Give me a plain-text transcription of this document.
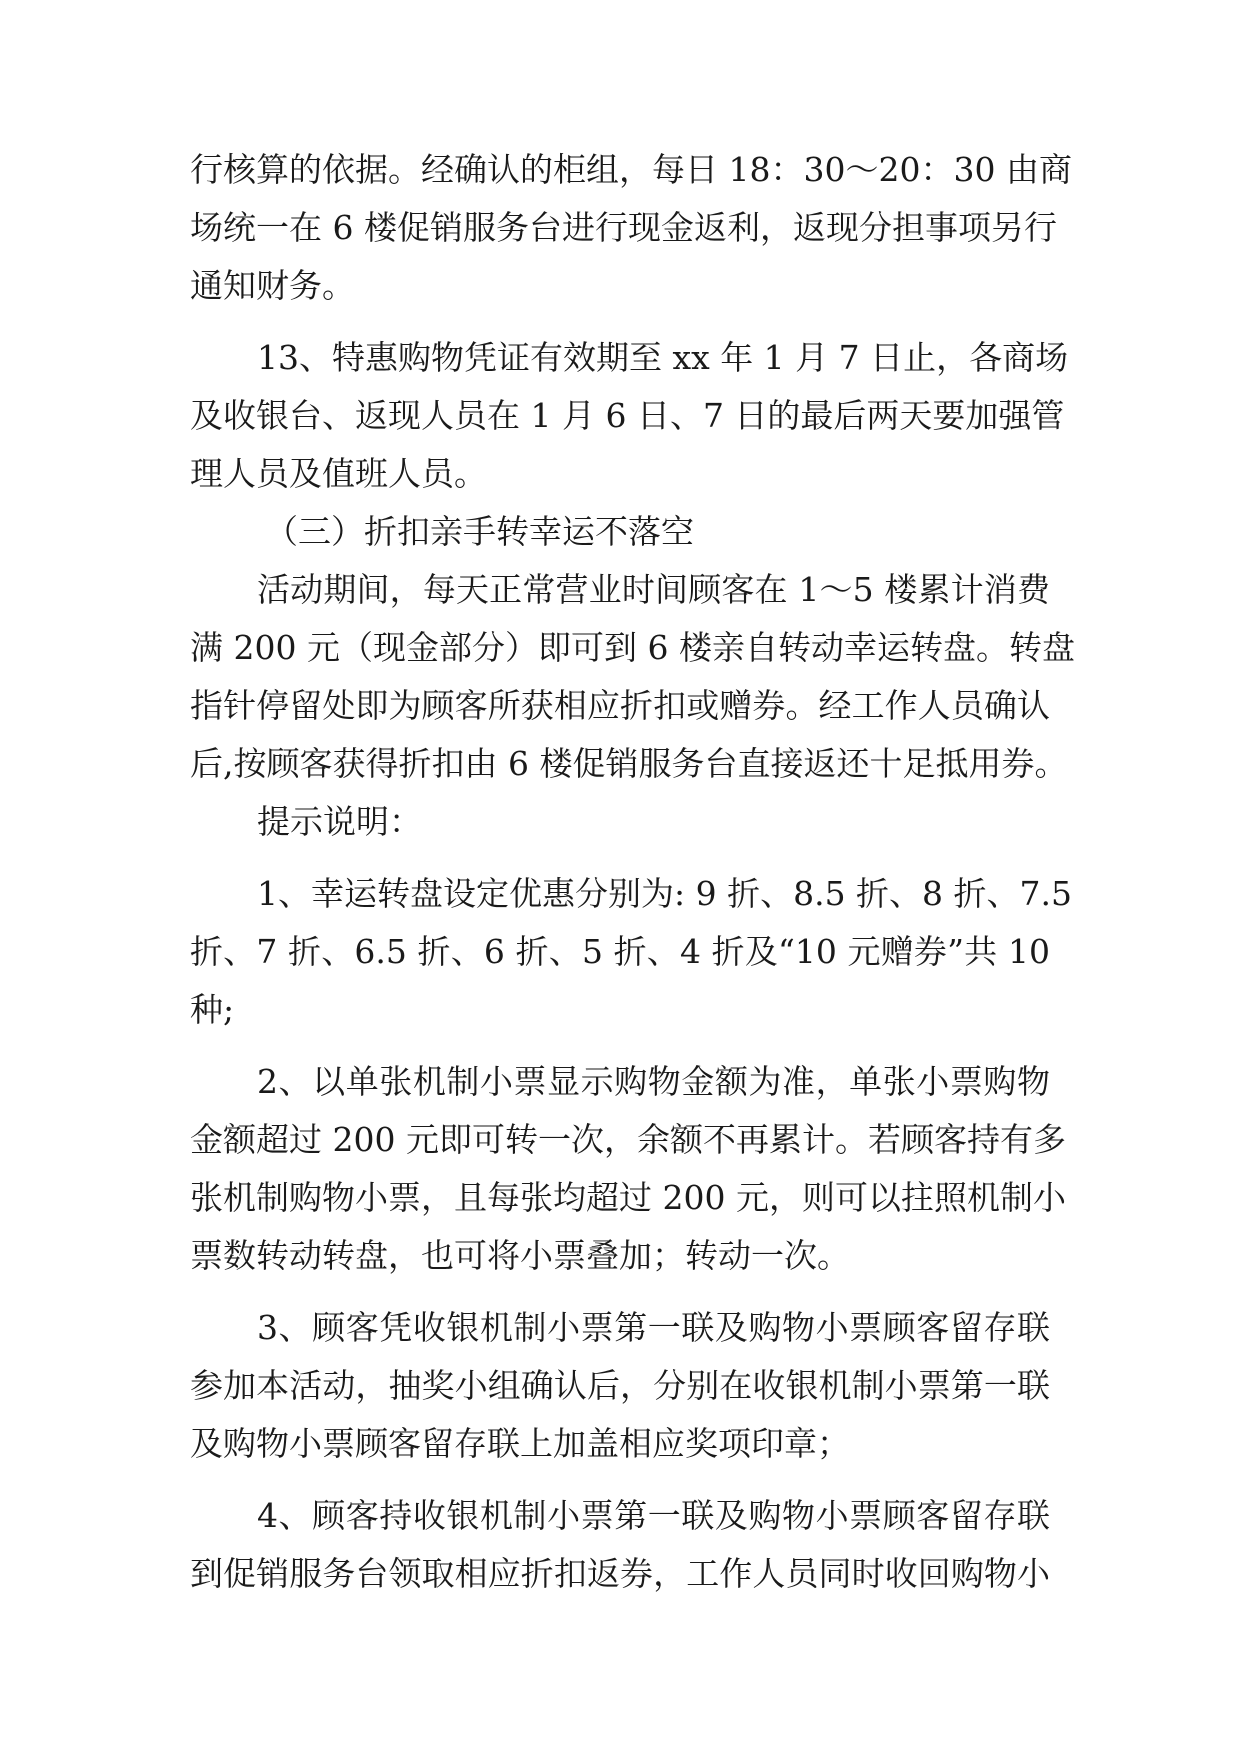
行核算的依据。经确认的柜组，每日 18：30～20：30 由商
场统一在 6 楼促销服务台进行现金返利，返现分担事项另行
通知财务。
13、特惠购物凭证有效期至 xx 年 1 月 7 日止，各商场
及收银台、返现人员在 1 月 6 日、7 日的最后两天要加强管
理人员及值班人员。
（三）折扣亲手转幸运不落空
活动期间，每天正常营业时间顾客在 1～5 楼累计消费
满 200 元（现金部分）即可到 6 楼亲自转动幸运转盘。转盘
指针停留处即为顾客所获相应折扣或赠券。经工作人员确认
后,按顾客获得折扣由 6 楼促销服务台直接返还十足抵用券。
提示说明：
1、幸运转盘设定优惠分别为: 9 折、8.5 折、8 折、7.5
折、7 折、6.5 折、6 折、5 折、4 折及“10 元赠券”共 10
种;
2、以单张机制小票显示购物金额为准，单张小票购物
金额超过 200 元即可转一次，余额不再累计。若顾客持有多
张机制购物小票，且每张均超过 200 元，则可以拄照机制小
票数转动转盘，也可将小票叠加；转动一次。
3、顾客凭收银机制小票第一联及购物小票顾客留存联
参加本活动，抽奖小组确认后，分别在收银机制小票第一联
及购物小票顾客留存联上加盖相应奖项印章；
4、顾客持收银机制小票第一联及购物小票顾客留存联
到促销服务台领取相应折扣返券，工作人员同时收回购物小
